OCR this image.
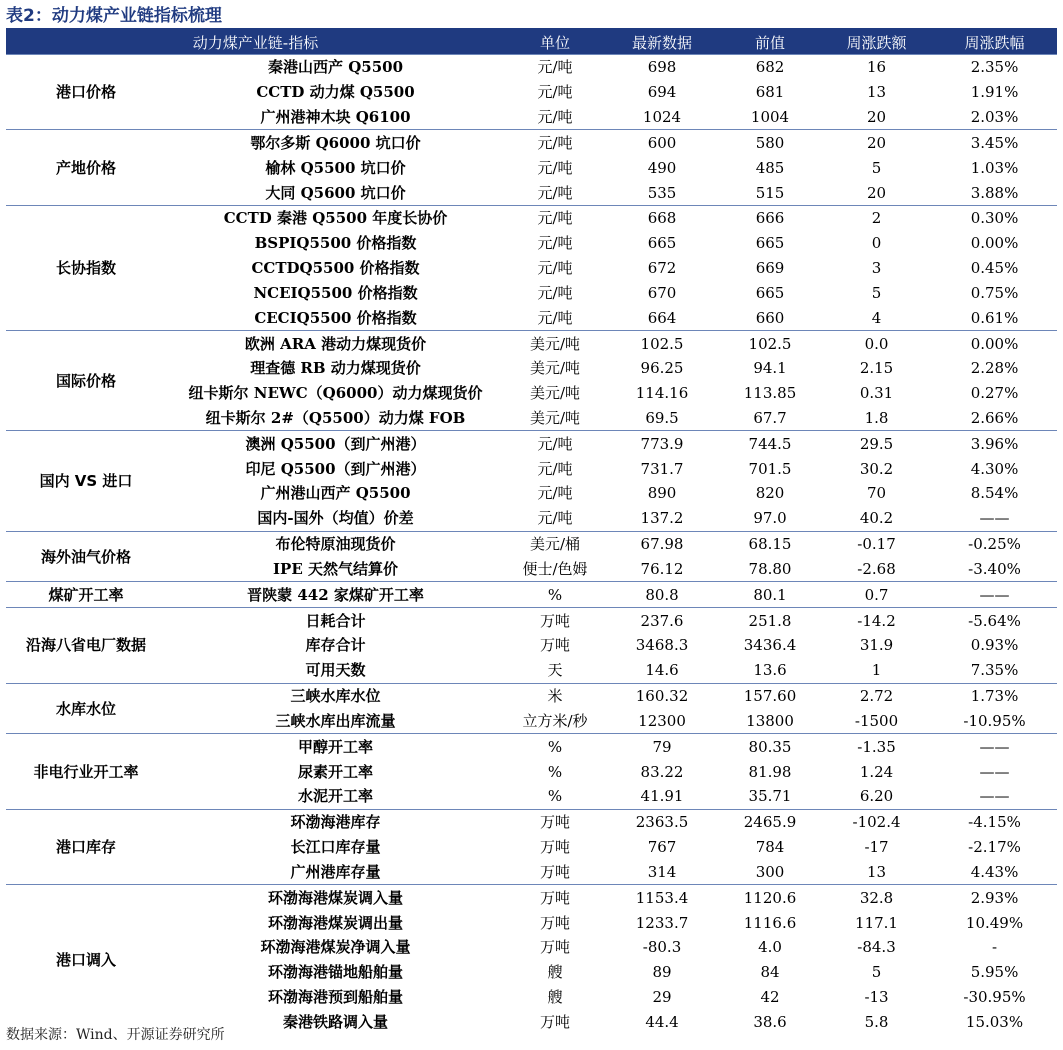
表2：动力煤产业链指标梳理
动力煤产业链-指标		单位	最新数据	前值	周涨跌额	周涨跌幅
港口价格	秦港山西产 Q5500	元/吨	698	682	16	2.35%
	CCTD 动力煤 Q5500	元/吨	694	681	13	1.91%
	广州港神木块 Q6100	元/吨	1024	1004	20	2.03%
产地价格	鄂尔多斯 Q6000 坑口价	元/吨	600	580	20	3.45%
	榆林 Q5500 坑口价	元/吨	490	485	5	1.03%
	大同 Q5600 坑口价	元/吨	535	515	20	3.88%
长协指数	CCTD 秦港 Q5500 年度长协价	元/吨	668	666	2	0.30%
	BSPIQ5500 价格指数	元/吨	665	665	0	0.00%
	CCTDQ5500 价格指数	元/吨	672	669	3	0.45%
	NCEIQ5500 价格指数	元/吨	670	665	5	0.75%
	CECIQ5500 价格指数	元/吨	664	660	4	0.61%
国际价格	欧洲 ARA 港动力煤现货价	美元/吨	102.5	102.5	0.0	0.00%
	理查德 RB 动力煤现货价	美元/吨	96.25	94.1	2.15	2.28%
	纽卡斯尔 NEWC（Q6000）动力煤现货价	美元/吨	114.16	113.85	0.31	0.27%
	纽卡斯尔 2#（Q5500）动力煤 FOB	美元/吨	69.5	67.7	1.8	2.66%
国内 VS 进口	澳洲 Q5500（到广州港）	元/吨	773.9	744.5	29.5	3.96%
	印尼 Q5500（到广州港）	元/吨	731.7	701.5	30.2	4.30%
	广州港山西产 Q5500	元/吨	890	820	70	8.54%
	国内-国外（均值）价差	元/吨	137.2	97.0	40.2	——
海外油气价格	布伦特原油现货价	美元/桶	67.98	68.15	-0.17	-0.25%
	IPE 天然气结算价	便士/色姆	76.12	78.80	-2.68	-3.40%
煤矿开工率	晋陕蒙 442 家煤矿开工率	%	80.8	80.1	0.7	——
沿海八省电厂数据	日耗合计	万吨	237.6	251.8	-14.2	-5.64%
	库存合计	万吨	3468.3	3436.4	31.9	0.93%
	可用天数	天	14.6	13.6	1	7.35%
水库水位	三峡水库水位	米	160.32	157.60	2.72	1.73%
	三峡水库出库流量	立方米/秒	12300	13800	-1500	-10.95%
非电行业开工率	甲醇开工率	%	79	80.35	-1.35	——
	尿素开工率	%	83.22	81.98	1.24	——
	水泥开工率	%	41.91	35.71	6.20	——
港口库存	环渤海港库存	万吨	2363.5	2465.9	-102.4	-4.15%
	长江口库存量	万吨	767	784	-17	-2.17%
	广州港库存量	万吨	314	300	13	4.43%
港口调入	环渤海港煤炭调入量	万吨	1153.4	1120.6	32.8	2.93%
	环渤海港煤炭调出量	万吨	1233.7	1116.6	117.1	10.49%
	环渤海港煤炭净调入量	万吨	-80.3	4.0	-84.3	-
	环渤海港锚地船舶量	艘	89	84	5	5.95%
	环渤海港预到船舶量	艘	29	42	-13	-30.95%
	秦港铁路调入量	万吨	44.4	38.6	5.8	15.03%
数据来源：Wind、开源证券研究所
